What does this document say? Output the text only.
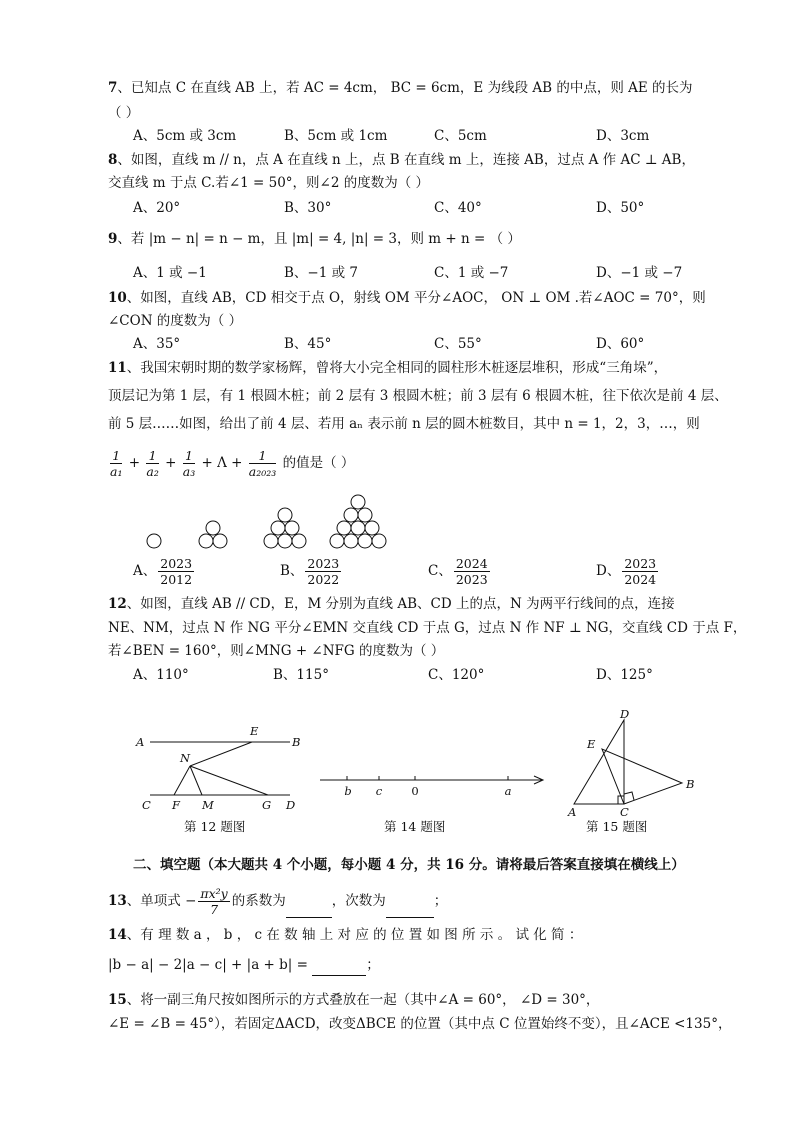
7、已知点 C 在直线 AB 上，若 AC = 4cm， BC = 6cm，E 为线段 AB 的中点，则 AE 的长为
（ ）
A、5cm 或 3cm	B、5cm 或 1cm	C、5cm	D、3cm
8、如图，直线 m // n，点 A 在直线 n 上，点 B 在直线 m 上，连接 AB，过点 A 作 AC ⊥ AB，
交直线 m 于点 C.若∠1 = 50°，则∠2 的度数为（ ）
A、20°	B、30°	C、40°	D、50°
9、若 |m − n| = n − m，且 |m| = 4, |n| = 3，则 m + n = （ ）
A、1 或 −1	B、−1 或 7	C、1 或 −7	D、−1 或 −7
10、如图，直线 AB，CD 相交于点 O，射线 OM 平分∠AOC， ON ⊥ OM .若∠AOC = 70°，则
∠CON 的度数为（ ）
A、35°	B、45°	C、55°	D、60°
11、我国宋朝时期的数学家杨辉，曾将大小完全相同的圆柱形木桩逐层堆积，形成“三角垛”，
顶层记为第 1 层，有 1 根圆木桩；前 2 层有 3 根圆木桩；前 3 层有 6 根圆木桩，往下依次是前 4 层、
前 5 层……如图，给出了前 4 层、若用 aₙ 表示前 n 层的圆木桩数目，其中 n = 1，2，3，…，则
$\frac{1}{\text{a₁}} + \frac{1}{\text{a₂}} + \frac{1}{\text{a₃}} + \Lambda + \frac{1}{\text{a₂₀₂₃}}$ 的值是（ ）
A、 $\frac{2023}{2012}$	B、 $\frac{2023}{2022}$	C、 $\frac{2024}{2023}$	D、 $\frac{2023}{2024}$
12、如图，直线 AB // CD，E，M 分别为直线 AB、CD 上的点，N 为两平行线间的点，连接
NE、NM，过点 N 作 NG 平分∠EMN 交直线 CD 于点 G，过点 N 作 NF ⊥ NG，交直线 CD 于点 F，
若∠BEN = 160°，则∠MNG + ∠NFG 的度数为（ ）
A、110°	B、115°	C、120°	D、125°
A
E
B
N
C F M	G D
第 12 题图
b c	0	a
第 14 题图
D
E
B
A	C
第 15 题图
二、填空题（本大题共 4 个小题，每小题 4 分，共 16 分。请将最后答案直接填在横线上）
13、单项式 − $\frac{\text{πx²y}}{7}$ 的系数为	，次数为	；
14、有 理 数 a ， b ， c 在 数 轴 上 对 应 的 位 置 如 图 所 示 。 试 化 简 ：
|b − a| − 2|a − c| + |a + b| =	；
15、将一副三角尺按如图所示的方式叠放在一起（其中∠A = 60°， ∠D = 30°，
∠E = ∠B = 45°），若固定ΔACD，改变ΔBCE 的位置（其中点 C 位置始终不变），且∠ACE <135°，
